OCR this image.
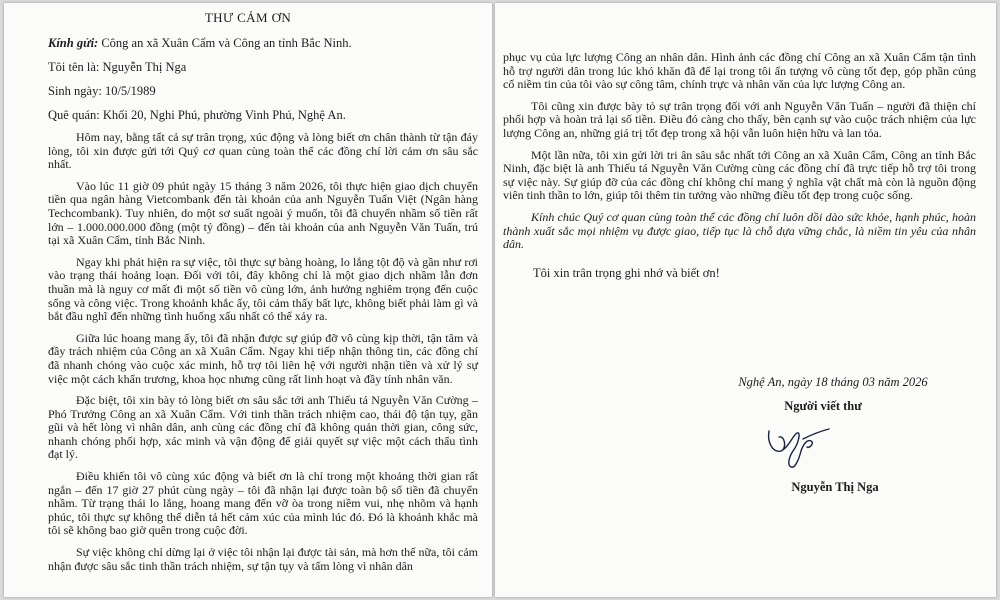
THƯ CẢM ƠN

Kính gửi: Công an xã Xuân Cẩm và Công an tỉnh Bắc Ninh.

Tôi tên là: Nguyễn Thị Nga

Sinh ngày: 10/5/1989

Quê quán: Khối 20, Nghi Phú, phường Vinh Phú, Nghệ An.

Hôm nay, bằng tất cả sự trân trọng, xúc động và lòng biết ơn chân thành từ tận đáy lòng, tôi xin được gửi tới Quý cơ quan cùng toàn thể các đồng chí lời cảm ơn sâu sắc nhất.

Vào lúc 11 giờ 09 phút ngày 15 tháng 3 năm 2026, tôi thực hiện giao dịch chuyển tiền qua ngân hàng Vietcombank đến tài khoản của anh Nguyễn Tuấn Việt (Ngân hàng Techcombank). Tuy nhiên, do một sơ suất ngoài ý muốn, tôi đã chuyển nhầm số tiền rất lớn – 1.000.000.000 đồng (một tỷ đồng) – đến tài khoản của anh Nguyễn Văn Tuấn, trú tại xã Xuân Cẩm, tỉnh Bắc Ninh.

Ngay khi phát hiện ra sự việc, tôi thực sự bàng hoàng, lo lắng tột độ và gần như rơi vào trạng thái hoảng loạn. Đối với tôi, đây không chỉ là một giao dịch nhầm lẫn đơn thuần mà là nguy cơ mất đi một số tiền vô cùng lớn, ảnh hưởng nghiêm trọng đến cuộc sống và công việc. Trong khoảnh khắc ấy, tôi cảm thấy bất lực, không biết phải làm gì và bắt đầu nghĩ đến những tình huống xấu nhất có thể xảy ra.

Giữa lúc hoang mang ấy, tôi đã nhận được sự giúp đỡ vô cùng kịp thời, tận tâm và đầy trách nhiệm của Công an xã Xuân Cẩm. Ngay khi tiếp nhận thông tin, các đồng chí đã nhanh chóng vào cuộc xác minh, hỗ trợ tôi liên hệ với người nhận tiền và xử lý sự việc một cách khẩn trương, khoa học nhưng cũng rất linh hoạt và đầy tính nhân văn.

Đặc biệt, tôi xin bày tỏ lòng biết ơn sâu sắc tới anh Thiếu tá Nguyễn Văn Cường – Phó Trưởng Công an xã Xuân Cẩm. Với tinh thần trách nhiệm cao, thái độ tận tụy, gần gũi và hết lòng vì nhân dân, anh cùng các đồng chí đã không quản thời gian, công sức, nhanh chóng phối hợp, xác minh và vận động để giải quyết sự việc một cách thấu tình đạt lý.

Điều khiến tôi vô cùng xúc động và biết ơn là chỉ trong một khoảng thời gian rất ngắn – đến 17 giờ 27 phút cùng ngày – tôi đã nhận lại được toàn bộ số tiền đã chuyển nhầm. Từ trạng thái lo lắng, hoang mang đến vỡ òa trong niềm vui, nhẹ nhõm và hạnh phúc, tôi thực sự không thể diễn tả hết cảm xúc của mình lúc đó. Đó là khoảnh khắc mà tôi sẽ không bao giờ quên trong cuộc đời.

Sự việc không chỉ dừng lại ở việc tôi nhận lại được tài sản, mà hơn thế nữa, tôi cảm nhận được sâu sắc tinh thần trách nhiệm, sự tận tụy và tấm lòng vì nhân dân

phục vụ của lực lượng Công an nhân dân. Hình ảnh các đồng chí Công an xã Xuân Cẩm tận tình hỗ trợ người dân trong lúc khó khăn đã để lại trong tôi ấn tượng vô cùng tốt đẹp, góp phần củng cố niềm tin của tôi vào sự công tâm, chính trực và nhân văn của lực lượng Công an.

Tôi cũng xin được bày tỏ sự trân trọng đối với anh Nguyễn Văn Tuấn – người đã thiện chí phối hợp và hoàn trả lại số tiền. Điều đó càng cho thấy, bên cạnh sự vào cuộc trách nhiệm của lực lượng Công an, những giá trị tốt đẹp trong xã hội vẫn luôn hiện hữu và lan tỏa.

Một lần nữa, tôi xin gửi lời tri ân sâu sắc nhất tới Công an xã Xuân Cẩm, Công an tỉnh Bắc Ninh, đặc biệt là anh Thiếu tá Nguyễn Văn Cường cùng các đồng chí đã trực tiếp hỗ trợ tôi trong sự việc này. Sự giúp đỡ của các đồng chí không chỉ mang ý nghĩa vật chất mà còn là nguồn động viên tinh thần to lớn, giúp tôi thêm tin tưởng vào những điều tốt đẹp trong cuộc sống.

Kính chúc Quý cơ quan cùng toàn thể các đồng chí luôn dồi dào sức khỏe, hạnh phúc, hoàn thành xuất sắc mọi nhiệm vụ được giao, tiếp tục là chỗ dựa vững chắc, là niềm tin yêu của nhân dân.

Tôi xin trân trọng ghi nhớ và biết ơn!

Nghệ An, ngày 18 tháng 03 năm 2026
Người viết thư
Nguyễn Thị Nga
